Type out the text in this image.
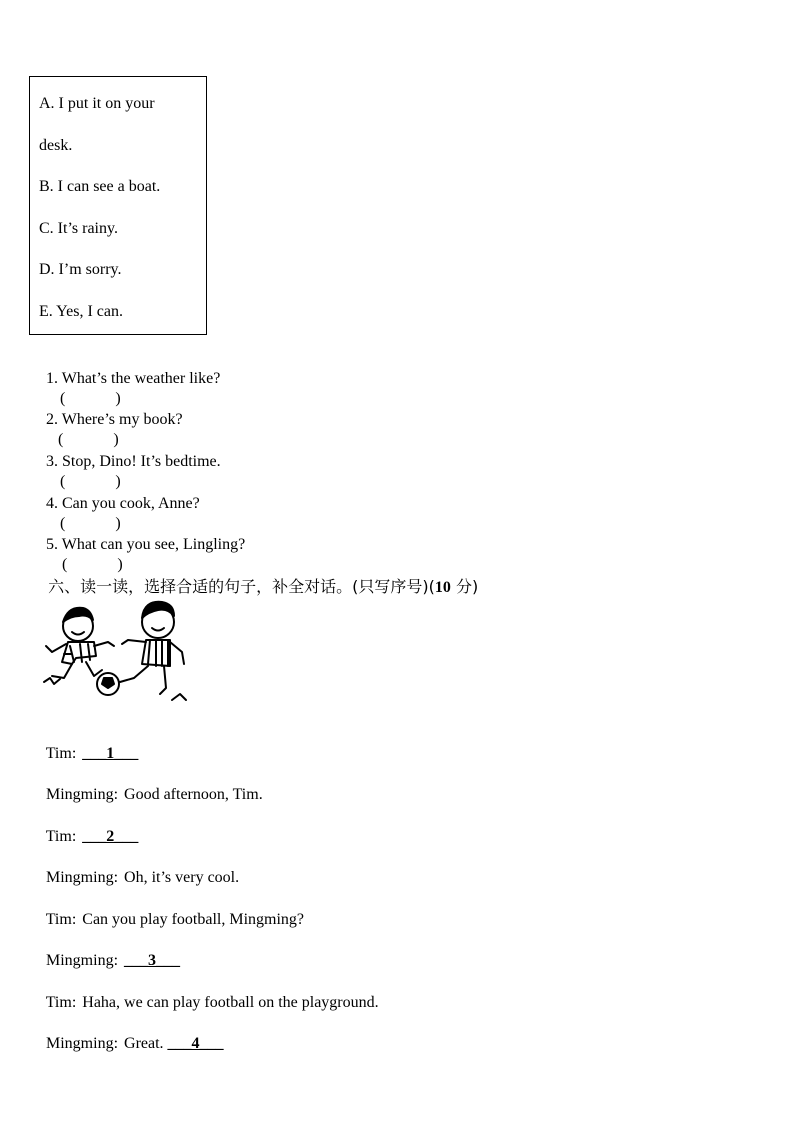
A. I put it on your
desk.
B. I can see a boat.
C. It’s rainy.
D. I’m sorry.
E. Yes, I can.

1. What’s the weather like?
(	)

2. Where’s my book?
(	)

3. Stop, Dino! It’s bedtime.
(	)

4. Can you cook, Anne?
(	)

5. What can you see, Lingling?
(	)

六、读一读，选择合适的句子，补全对话。(只写序号)(10 分)

Tim: ___1___

Mingming: Good afternoon, Tim.

Tim: ___2___

Mingming: Oh, it’s very cool.

Tim: Can you play football, Mingming?

Mingming: ___3___

Tim: Haha, we can play football on the playground.

Mingming: Great. ___4___
